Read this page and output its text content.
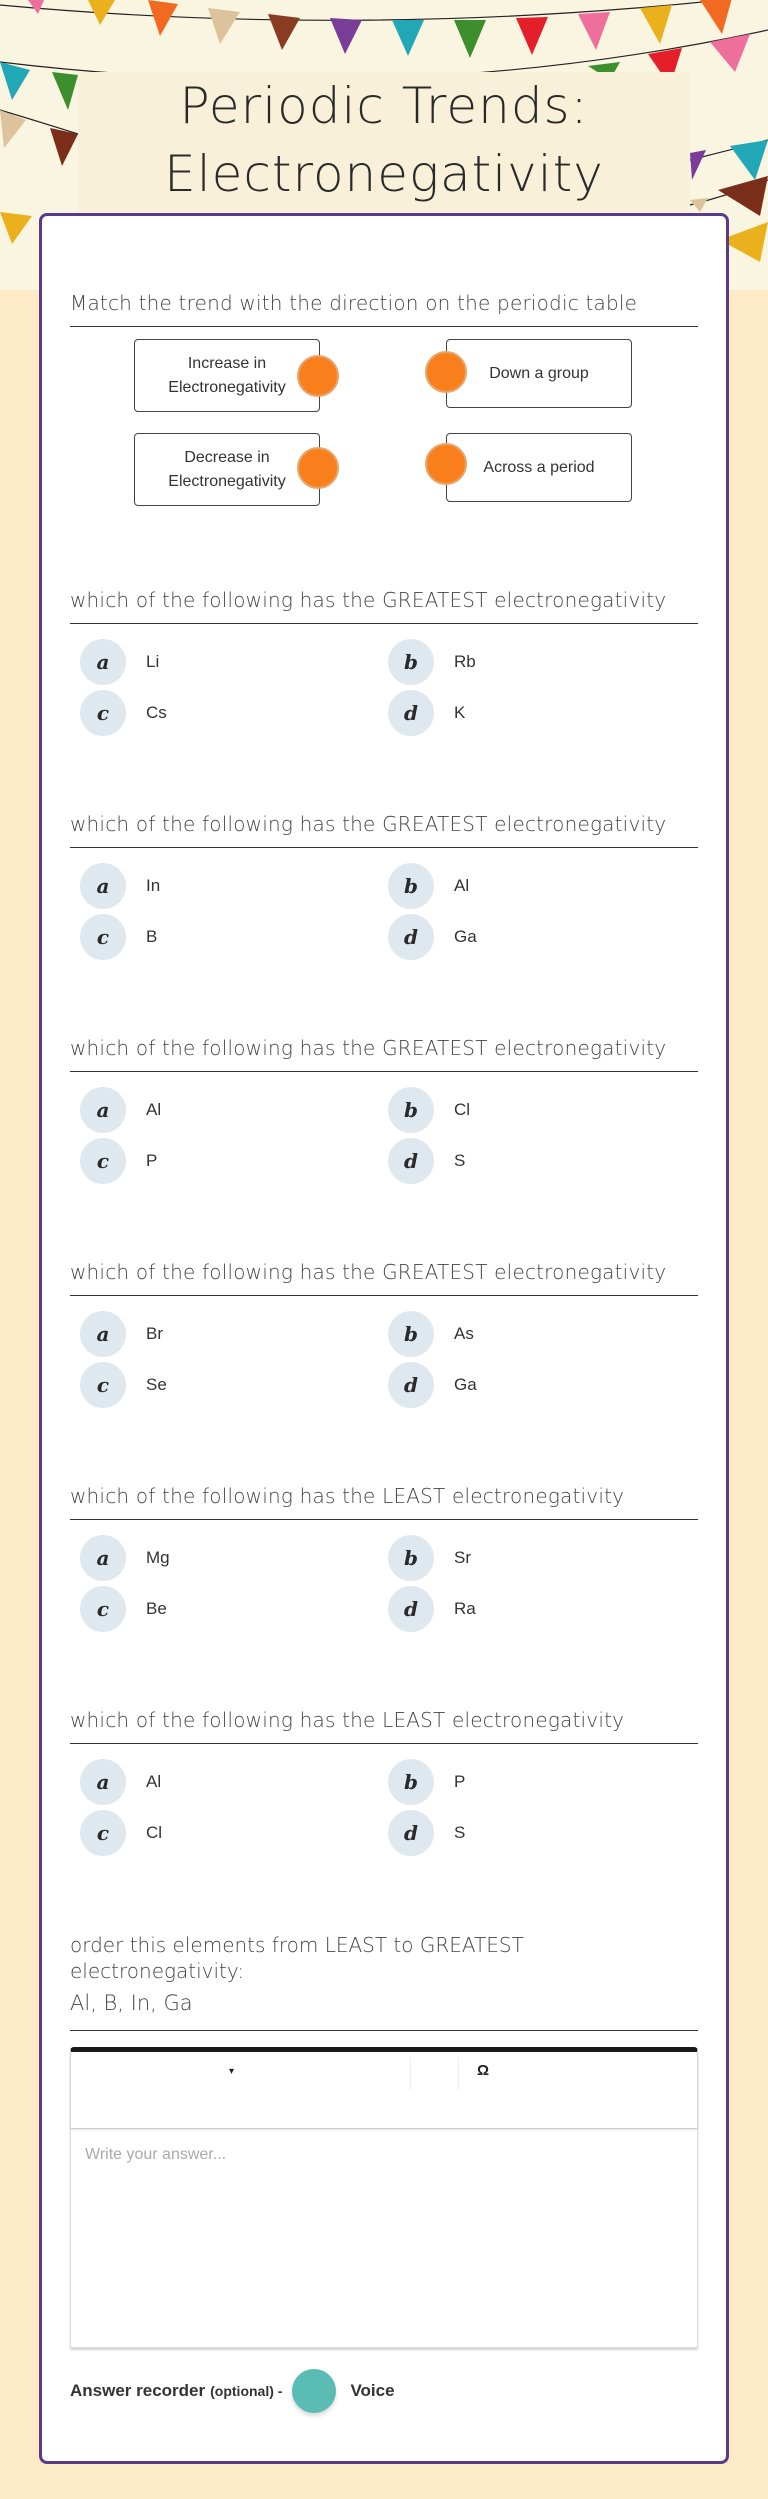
Periodic Trends:
Electronegativity
Match the trend with the direction on the periodic table
Increase in Electronegativity
Down a group
Decrease in Electronegativity
Across a period
which of the following has the GREATEST electronegativity
a	Li	b	Rb
c	Cs	d	K
which of the following has the GREATEST electronegativity
a	In	b	Al
c	B	d	Ga
which of the following has the GREATEST electronegativity
a	Al	b	Cl
c	P	d	S
which of the following has the GREATEST electronegativity
a	Br	b	As
c	Se	d	Ga
which of the following has the LEAST electronegativity
a	Mg	b	Sr
c	Be	d	Ra
which of the following has the LEAST electronegativity
a	Al	b	P
c	Cl	d	S
order this elements from LEAST to GREATEST electronegativity:
Al, B, In, Ga
▾	Ω
Write your answer...
Answer recorder (optional) -	Voice
